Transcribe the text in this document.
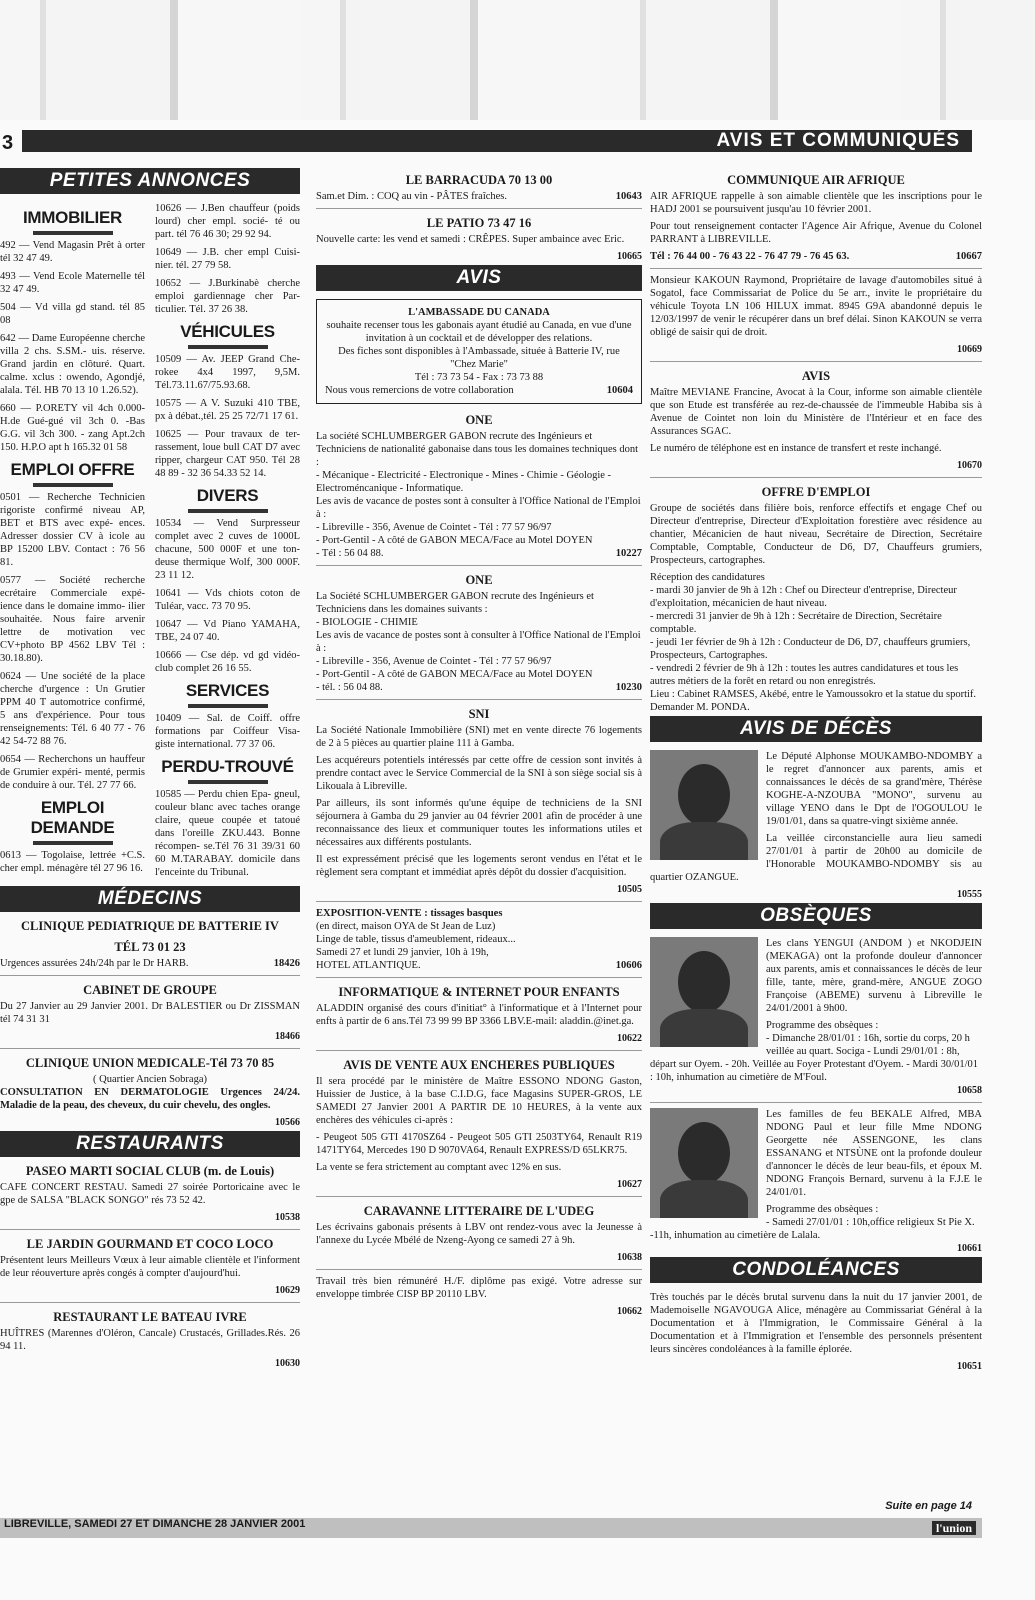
3	AVIS ET COMMUNIQUÉS
PETITES ANNONCES
IMMOBILIER
492 — Vend Magasin Prêt à orter tél 32 47 49.
493 — Vend Ecole Maternelle tél 32 47 49.
504 — Vd villa gd stand. tél 85 08
642 — Dame Européenne cherche villa 2 chs. S.SM.- uis. réserve. Grand jardin en clôturé. Quart. calme. xclus : owendo, Agondjé, alala. Tél. HB 70 13 10 1.26.52).
660 — P.ORETY vil 4ch 0.000- H.de Gué-gué vil 3ch 0. -Bas G.G. vil 3ch 300. - zang Apt.2ch 150. H.P.O apt h 165.32 01 58
EMPLOI OFFRE
0501 — Recherche Technicien rigoriste confirmé niveau AP, BET et BTS avec expé- ences. Adresser dossier CV à icole au BP 15200 LBV. Contact : 76 56 81.
0577 — Société recherche ecrétaire Commerciale expé- ience dans le domaine immo- ilier souhaitée. Nous faire arvenir lettre de motivation vec CV+photo BP 4562 LBV Tél : 30.18.80).
0624 — Une société de la place cherche d'urgence : Un Grutier PPM 40 T automotrice confirmé, 5 ans d'expérience. Pour tous renseignements: Tél. 6 40 77 - 76 42 54-72 88 76.
0654 — Recherchons un hauffeur de Grumier expéri- menté, permis de conduire à our. Tél. 27 77 66.
EMPLOI DEMANDE
0613 — Togolaise, lettrée +C.S. cher empl. ménagère tél 27 96 16.
10626 — J.Ben chauffeur (poids lourd) cher empl. socié- té ou part. tél 76 46 30; 29 92 94.
10649 — J.B. cher empl Cuisi- nier. tél. 27 79 58.
10652 — J.Burkinabè cherche emploi gardiennage cher Par- ticulier. Tél. 37 26 38.
VÉHICULES
10509 — Av. JEEP Grand Che- rokee 4x4 1997, 9,5M. Tél.73.11.67/75.93.68.
10575 — A V. Suzuki 410 TBE, px à débat.,tél. 25 25 72/71 17 61.
10625 — Pour travaux de ter- rassement, loue bull CAT D7 avec ripper, chargeur CAT 950. Tél 28 48 89 - 32 36 54.33 52 14.
DIVERS
10534 — Vend Surpresseur complet avec 2 cuves de 1000L chacune, 500 000F et une ton- deuse thermique Wolf, 300 000F. 23 11 12.
10641 — Vds chiots coton de Tuléar, vacc. 73 70 95.
10647 — Vd Piano YAMAHA, TBE, 24 07 40.
10666 — Cse dép. vd gd vidéo- club complet 26 16 55.
SERVICES
10409 — Sal. de Coiff. offre formations par Coiffeur Visa- giste international. 77 37 06.
PERDU-TROUVÉ
10585 — Perdu chien Epa- gneul, couleur blanc avec taches orange claire, queue coupée et tatoué dans l'oreille ZKU.443. Bonne récompen- se.Tél 76 31 39/31 60 60 M.TARABAY. domicile dans l'enceinte du Tribunal.
MÉDECINS
CLINIQUE PEDIATRIQUE DE BATTERIE IV
TÉL 73 01 23
Urgences assurées 24h/24h par le Dr HARB.	18426
CABINET DE GROUPE

Du 27 Janvier au 29 Janvier 2001. Dr BALESTIER ou Dr ZISSMAN tél 74 31 31

18466
CLINIQUE UNION MEDICALE-Tél 73 70 85
( Quartier Ancien Sobraga)

CONSULTATION EN DERMATOLOGIE Urgences 24/24. Maladie de la peau, des cheveux, du cuir chevelu, des ongles.

10566
RESTAURANTS
PASEO MARTI SOCIAL CLUB (m. de Louis)

CAFE CONCERT RESTAU. Samedi 27 soirée Portoricaine avec le gpe de SALSA "BLACK SONGO" rés 73 52 42.

10538
LE JARDIN GOURMAND ET COCO LOCO

Présentent leurs Meilleurs Vœux à leur aimable clientèle et l'informent de leur réouverture après congés à compter d'aujourd'hui.

10629
RESTAURANT LE BATEAU IVRE

HUÎTRES (Marennes d'Oléron, Cancale) Crustacés, Grillades.Rés. 26 94 11.

10630
LE BARRACUDA 70 13 00
Sam.et Dim. : COQ au vin - PÂTES fraîches.	10643
LE PATIO 73 47 16

Nouvelle carte: les vend et samedi : CRÊPES. Super ambaince avec Eric.

10665
AVIS
L'AMBASSADE DU CANADA
souhaite recenser tous les gabonais ayant étudié au Canada, en vue d'une invitation à un cocktail et de développer des relations.
Des fiches sont disponibles à l'Ambassade, située à Batterie IV, rue "Chez Marie"
Tél : 73 73 54 - Fax : 73 73 88
Nous vous remercions de votre collaboration	10604
ONE
La société SCHLUMBERGER GABON recrute des Ingénieurs et Techniciens de nationalité gabonaise dans tous les domaines techniques dont :
- Mécanique - Electricité - Electronique - Mines - Chimie - Géologie - Electroméncanique - Informatique.
Les avis de vacance de postes sont à consulter à l'Office National de l'Emploi à :
- Libreville - 356, Avenue de Cointet - Tél : 77 57 96/97
- Port-Gentil - A côté de GABON MECA/Face au Motel DOYEN
- Tél : 56 04 88.	10227
ONE
La Société SCHLUMBERGER GABON recrute des Ingénieurs et Techniciens dans les domaines suivants :
- BIOLOGIE - CHIMIE
Les avis de vacance de postes sont à consulter à l'Office National de l'Emploi à :
- Libreville - 356, Avenue de Cointet - Tél : 77 57 96/97
- Port-Gentil - A côté de GABON MECA/Face au Motel DOYEN
- tél. : 56 04 88.	10230
SNI

La Société Nationale Immobilière (SNI) met en vente directe 76 logements de 2 à 5 pièces au quartier plaine 111 à Gamba.

Les acquéreurs potentiels intéressés par cette offre de cession sont invités à prendre contact avec le Service Commercial de la SNI à son siège social sis à Likouala à Libreville.

Par ailleurs, ils sont informés qu'une équipe de techniciens de la SNI séjournera à Gamba du 29 janvier au 04 février 2001 afin de procéder à une reconnaissance des lieux et communiquer toutes les informations utiles et nécessaires aux différents postulants.

Il est expressément précisé que les logements seront vendus en l'état et le règlement sera comptant et immédiat après dépôt du dossier d'acquisition.

10505
EXPOSITION-VENTE : tissages basques
(en direct, maison OYA de St Jean de Luz)
Linge de table, tissus d'ameublement, rideaux...
Samedi 27 et lundi 29 janvier, 10h à 19h,
HOTEL ATLANTIQUE.	10606
INFORMATIQUE & INTERNET POUR ENFANTS

ALADDIN organisé des cours d'initiat° à l'informatique et à l'Internet pour enfts à partir de 6 ans.Tél 73 99 99 BP 3366 LBV.E-mail: aladdin.@inet.ga.

10622
AVIS DE VENTE AUX ENCHERES PUBLIQUES

Il sera procédé par le ministère de Maître ESSONO NDONG Gaston, Huissier de Justice, à la base C.I.D.G, face Magasins SUPER-GROS, LE SAMEDI 27 Janvier 2001 A PARTIR DE 10 HEURES, à la vente aux enchères des véhicules ci-après :

- Peugeot 505 GTI 4170SZ64 - Peugeot 505 GTI 2503TY64, Renault R19 1471TY64, Mercedes 190 D 9070VA64, Renault EXPRESS/D 65LKR75.

La vente se fera strictement au comptant avec 12% en sus.

10627
CARAVANNE LITTERAIRE DE L'UDEG

Les écrivains gabonais présents à LBV ont rendez-vous avec la Jeunesse à l'annexe du Lycée Mbélé de Nzeng-Ayong ce samedi 27 à 9h.

10638

Travail très bien rémunéré H./F. diplôme pas exigé. Votre adresse sur enveloppe timbrée CISP BP 20110 LBV.

10662
COMMUNIQUE AIR AFRIQUE

AIR AFRIQUE rappelle à son aimable clientèle que les inscriptions pour le HADJ 2001 se poursuivent jusqu'au 10 février 2001.

Pour tout renseignement contacter l'Agence Air Afrique, Avenue du Colonel PARRANT à LIBREVILLE.

Tél : 76 44 00 - 76 43 22 - 76 47 79 - 76 45 63.	10667

Monsieur KAKOUN Raymond, Propriétaire de lavage d'automobiles situé à Sogatol, face Commissariat de Police du 5e arr., invite le propriétaire du véhicule Toyota LN 106 HILUX immat. 8945 G9A abandonné depuis le 12/03/1997 de venir le récupérer dans un bref délai. Sinon KAKOUN se verra obligé de saisir qui de droit.

10669
AVIS

Maître MEVIANE Francine, Avocat à la Cour, informe son aimable clientèle que son Etude est transférée au rez-de-chaussée de l'immeuble Habiba sis à Avenue de Cointet non loin du Ministère de l'Intérieur et en face des Assurances SGAC.

Le numéro de téléphone est en instance de transfert et reste inchangé.

10670
OFFRE D'EMPLOI

Groupe de sociétés dans filière bois, renforce effectifs et engage Chef ou Directeur d'entreprise, Directeur d'Exploitation forestière avec résidence au chantier, Mécanicien de haut niveau, Secrétaire de Direction, Secrétaire Comptable, Comptable, Conducteur de D6, D7, Chauffeurs grumiers, Prospecteurs, cartographes.

Réception des candidatures
- mardi 30 janvier de 9h à 12h : Chef ou Directeur d'entreprise, Directeur d'exploitation, mécanicien de haut niveau.
- mercredi 31 janvier de 9h à 12h : Secrétaire de Direction, Secrétaire comptable.
- jeudi 1er février de 9h à 12h : Conducteur de D6, D7, chauffeurs grumiers, Prospecteurs, Cartographes.
- vendredi 2 février de 9h à 12h : toutes les autres candidatures et tous les autres métiers de la forêt en retard ou non enregistrés.
Lieu : Cabinet RAMSES, Akébé, entre le Yamoussokro et la statue du sportif. Demander M. PONDA.
AVIS DE DÉCÈS

Le Député Alphonse MOUKAMBO-NDOMBY a le regret d'annoncer aux parents, amis et connaissances le décès de sa grand'mère, Thérèse KOGHE-A-NZOUBA "MONO", survenu au village YENO dans le Dpt de l'OGOULOU le 19/01/01, dans sa quatre-vingt sixième année.

La veillée circonstancielle aura lieu samedi 27/01/01 à partir de 20h00 au domicile de l'Honorable MOUKAMBO-NDOMBY sis au quartier OZANGUE.

10555
OBSÈQUES

Les clans YENGUI (ANDOM ) et NKODJEIN (MEKAGA) ont la profonde douleur d'annoncer aux parents, amis et connaissances le décès de leur fille, tante, mère, grand-mère, ANGUE ZOGO Françoise (ABEME) survenu à Libreville le 24/01/2001 à 9h00.

Programme des obsèques :
- Dimanche 28/01/01 : 16h, sortie du corps, 20 h veillée au quart. Sociga - Lundi 29/01/01 : 8h, départ sur Oyem. - 20h. Veillée au Foyer Protestant d'Oyem. - Mardi 30/01/01 : 10h, inhumation au cimetière de M'Foul.
10658

Les familles de feu BEKALE Alfred, MBA NDONG Paul et leur fille Mme NDONG Georgette née ASSENGONE, les clans ESSANANG et NTSÙNE ont la profonde douleur d'annoncer le décès de leur beau-fils, et époux M. NDONG François Bernard, survenu à la F.J.E le 24/01/01.

Programme des obsèques :
- Samedi 27/01/01 : 10h,office religieux St Pie X. -11h, inhumation au cimetière de Lalala.
10661
CONDOLÉANCES

Très touchés par le décès brutal survenu dans la nuit du 17 janvier 2001, de Mademoiselle NGAVOUGA Alice, ménagère au Commissariat Général à la Documentation et à l'Immigration, le Commissaire Général à la Documentation et à l'Immigration et l'ensemble des personnels présentent leurs sincères condoléances à la famille éplorée.

10651
Suite en page 14
LIBREVILLE, SAMEDI 27 ET DIMANCHE 28 JANVIER 2001	l'union
